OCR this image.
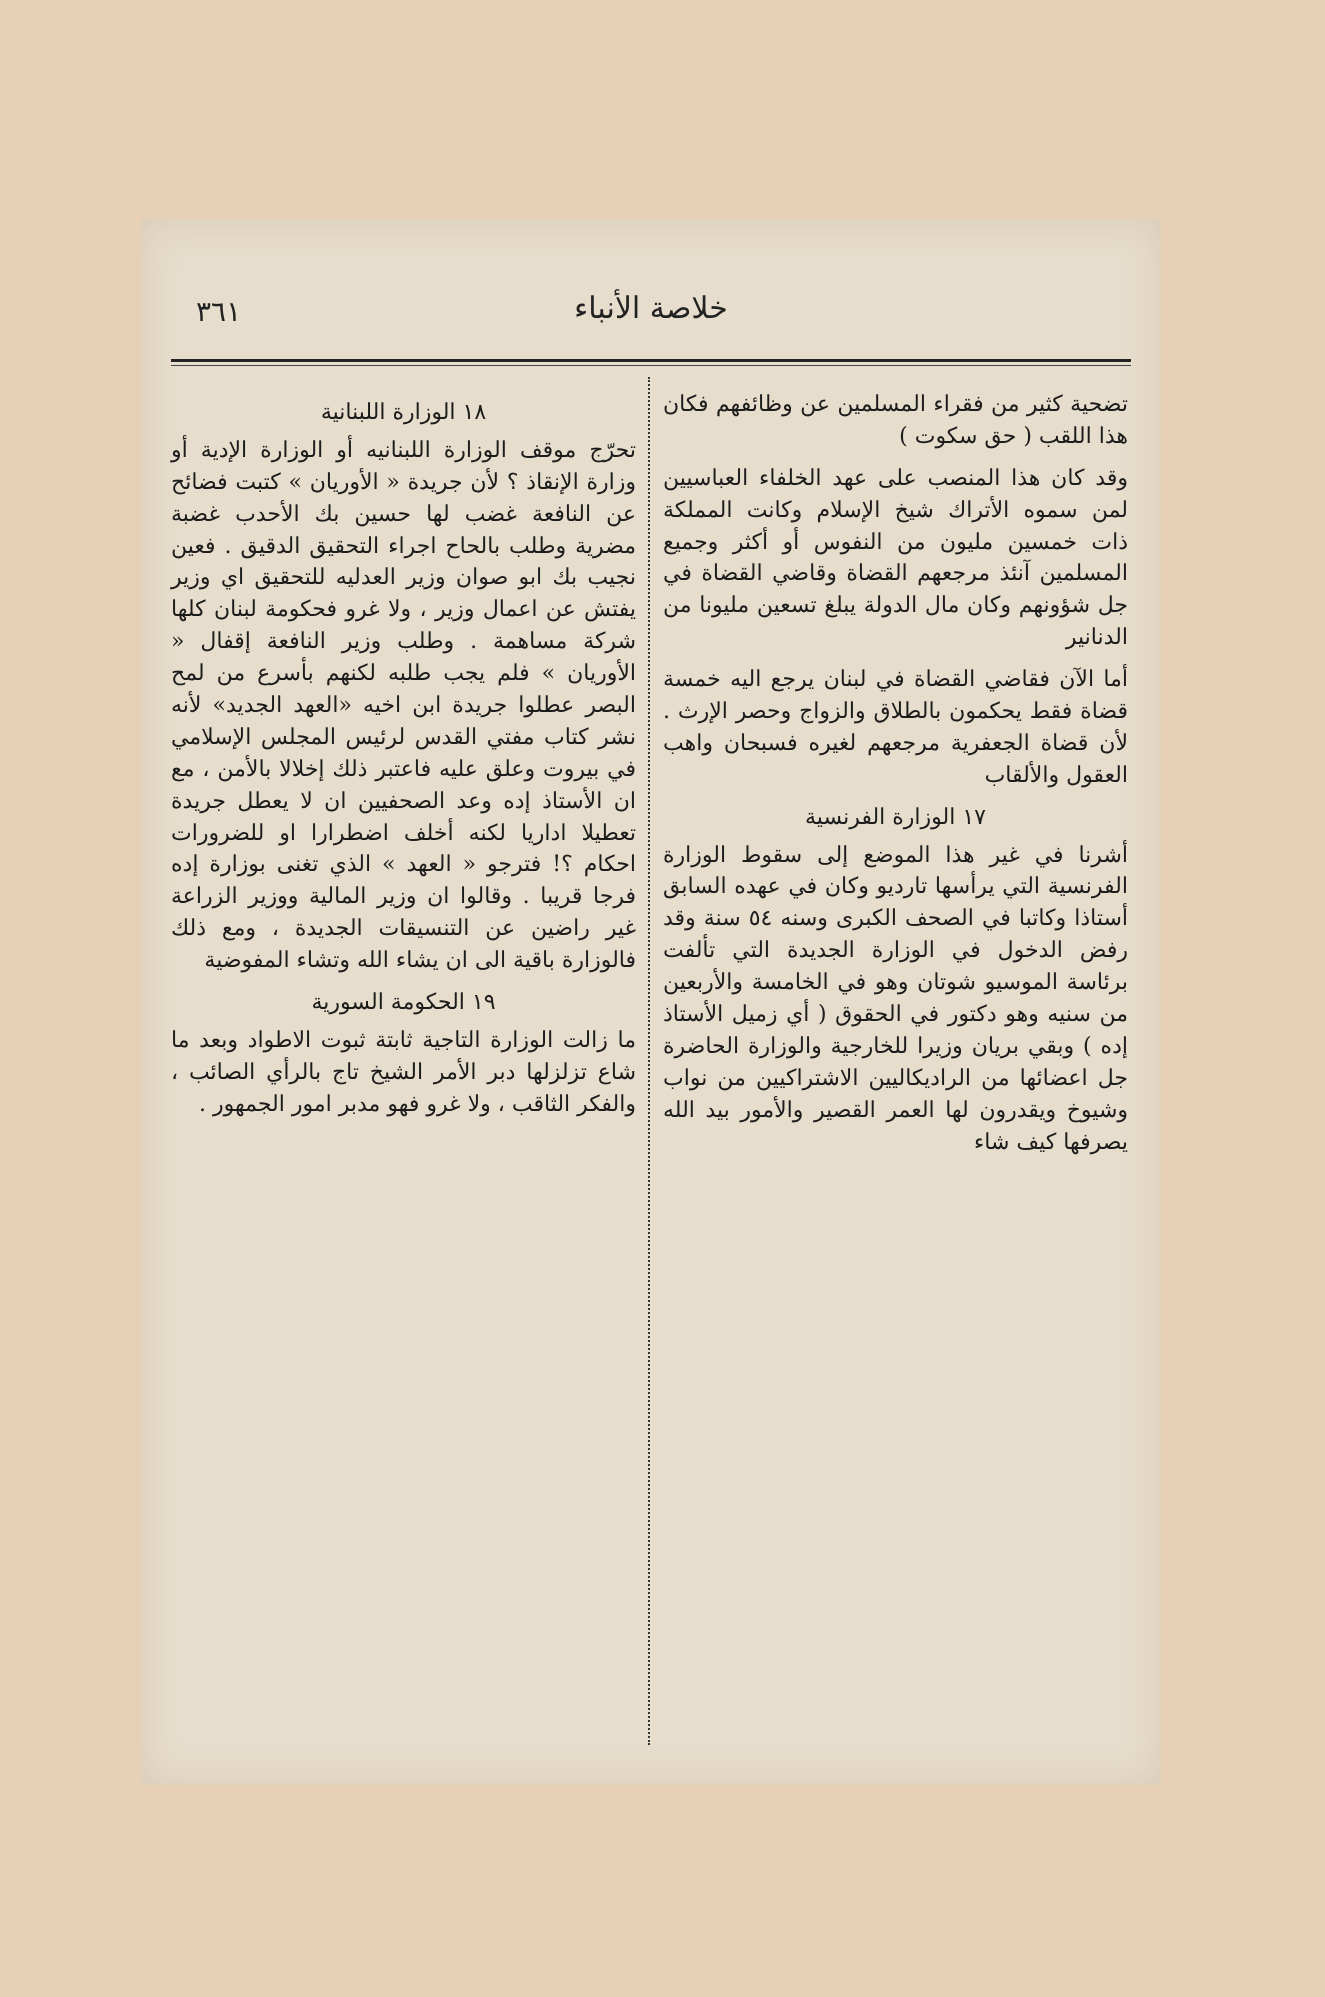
خلاصة الأنباء
٣٦١

تضحية كثير من فقراء المسلمين عن وظائفهم فكان هذا اللقب ( حق سكوت )

وقد كان هذا المنصب على عهد الخلفاء العباسيين لمن سموه الأتراك شيخ الإسلام وكانت المملكة ذات خمسين مليون من النفوس أو أكثر وجميع المسلمين آنئذ مرجعهم القضاة وقاضي القضاة في جل شؤونهم وكان مال الدولة يبلغ تسعين مليونا من الدنانير

أما الآن فقاضي القضاة في لبنان يرجع اليه خمسة قضاة فقط يحكمون بالطلاق والزواج وحصر الإرث . لأن قضاة الجعفرية مرجعهم لغيره فسبحان واهب العقول والألقاب

١٧ الوزارة الفرنسية

أشرنا في غير هذا الموضع إلى سقوط الوزارة الفرنسية التي يرأسها تارديو وكان في عهده السابق أستاذا وكاتبا في الصحف الكبرى وسنه ٥٤ سنة وقد رفض الدخول في الوزارة الجديدة التي تألفت برئاسة الموسيو شوتان وهو في الخامسة والأربعين من سنيه وهو دكتور في الحقوق ( أي زميل الأستاذ إده ) وبقي بريان وزيرا للخارجية والوزارة الحاضرة جل اعضائها من الراديكاليين الاشتراكيين من نواب وشيوخ ويقدرون لها العمر القصير والأمور بيد الله يصرفها كيف شاء

١٨ الوزارة اللبنانية

تحرّج موقف الوزارة اللبنانيه أو الوزارة الإدية أو وزارة الإنقاذ ؟ لأن جريدة « الأوريان » كتبت فضائح عن النافعة غضب لها حسين بك الأحدب غضبة مضرية وطلب بالحاح اجراء التحقيق الدقيق . فعين نجيب بك ابو صوان وزير العدليه للتحقيق اي وزير يفتش عن اعمال وزير ، ولا غرو فحكومة لبنان كلها شركة مساهمة . وطلب وزير النافعة إقفال « الأوريان » فلم يجب طلبه لكنهم بأسرع من لمح البصر عطلوا جريدة ابن اخيه «العهد الجديد» لأنه نشر كتاب مفتي القدس لرئيس المجلس الإسلامي في بيروت وعلق عليه فاعتبر ذلك إخلالا بالأمن ، مع ان الأستاذ إده وعد الصحفيين ان لا يعطل جريدة تعطيلا اداريا لكنه أخلف اضطرارا او للضرورات احكام ؟! فترجو « العهد » الذي تغنى بوزارة إده فرجا قريبا . وقالوا ان وزير المالية ووزير الزراعة غير راضين عن التنسيقات الجديدة ، ومع ذلك فالوزارة باقية الى ان يشاء الله وتشاء المفوضية

١٩ الحكومة السورية

ما زالت الوزارة التاجية ثابتة ثبوت الاطواد وبعد ما شاع تزلزلها دبر الأمر الشيخ تاج بالرأي الصائب ، والفكر الثاقب ، ولا غرو فهو مدبر امور الجمهور .
